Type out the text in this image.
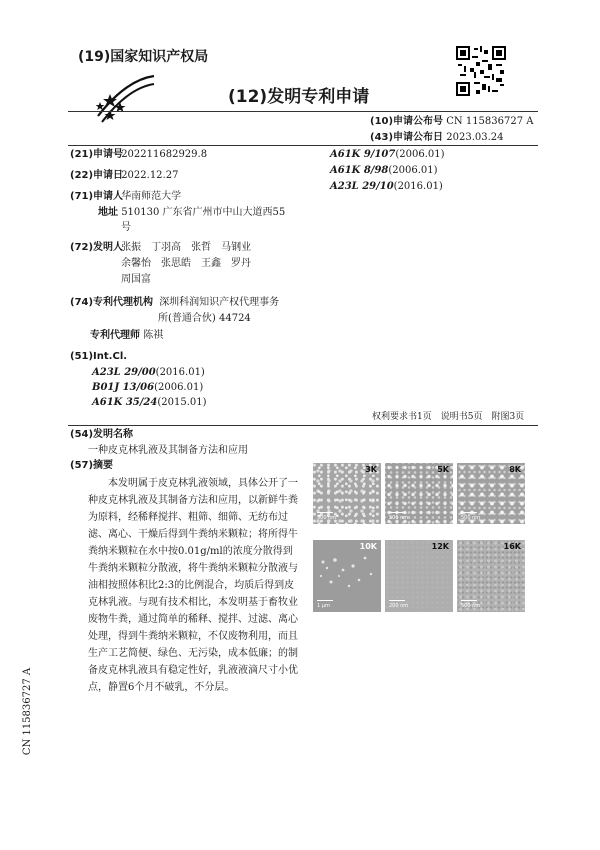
(19)国家知识产权局
(12)发明专利申请
(10)申请公布号 CN 115836727 A
(43)申请公布日 2023.03.24
(21)申请号 202211682929.8
(22)申请日 2022.12.27
(71)申请人 华南师范大学
地址 510130 广东省广州市中山大道西55
号
(72)发明人 张振　丁羽高　张哲　马钢业
余馨怡　张思皓　王鑫　罗丹
周国富
(74)专利代理机构 深圳科润知识产权代理事务
所(普通合伙) 44724
专利代理师 陈祺
(51)Int.Cl.
A23L 29/00(2016.01)
B01J 13/06(2006.01)
A61K 35/24(2015.01)
A61K 9/107(2006.01)
A61K 8/98(2006.01)
A23L 29/10(2016.01)
权利要求书1页　说明书5页　附图3页
(54)发明名称
一种皮克林乳液及其制备方法和应用
(57)摘要
本发明属于皮克林乳液领域，具体公开了一种皮克林乳液及其制备方法和应用，以新鲜牛粪为原料，经稀释搅拌、粗筛、细筛、无纺布过滤、离心、干燥后得到牛粪纳米颗粒；将所得牛粪纳米颗粒在水中按0.01g/ml的浓度分散得到牛粪纳米颗粒分散液，将牛粪纳米颗粒分散液与油相按照体积比2:3的比例混合，均质后得到皮克林乳液。与现有技术相比，本发明基于畜牧业废物牛粪，通过简单的稀释、搅拌、过滤、离心处理，得到牛粪纳米颗粒，不仅废物利用，而且生产工艺简便、绿色、无污染，成本低廉；的制备皮克林乳液具有稳定性好，乳液液滴尺寸小优点，静置6个月不破乳，不分层。
3K
500 nm
5K
500 nm
8K
500 nm
10K
1 μm
12K
200 nm
16K
500 nm
CN 115836727 A
